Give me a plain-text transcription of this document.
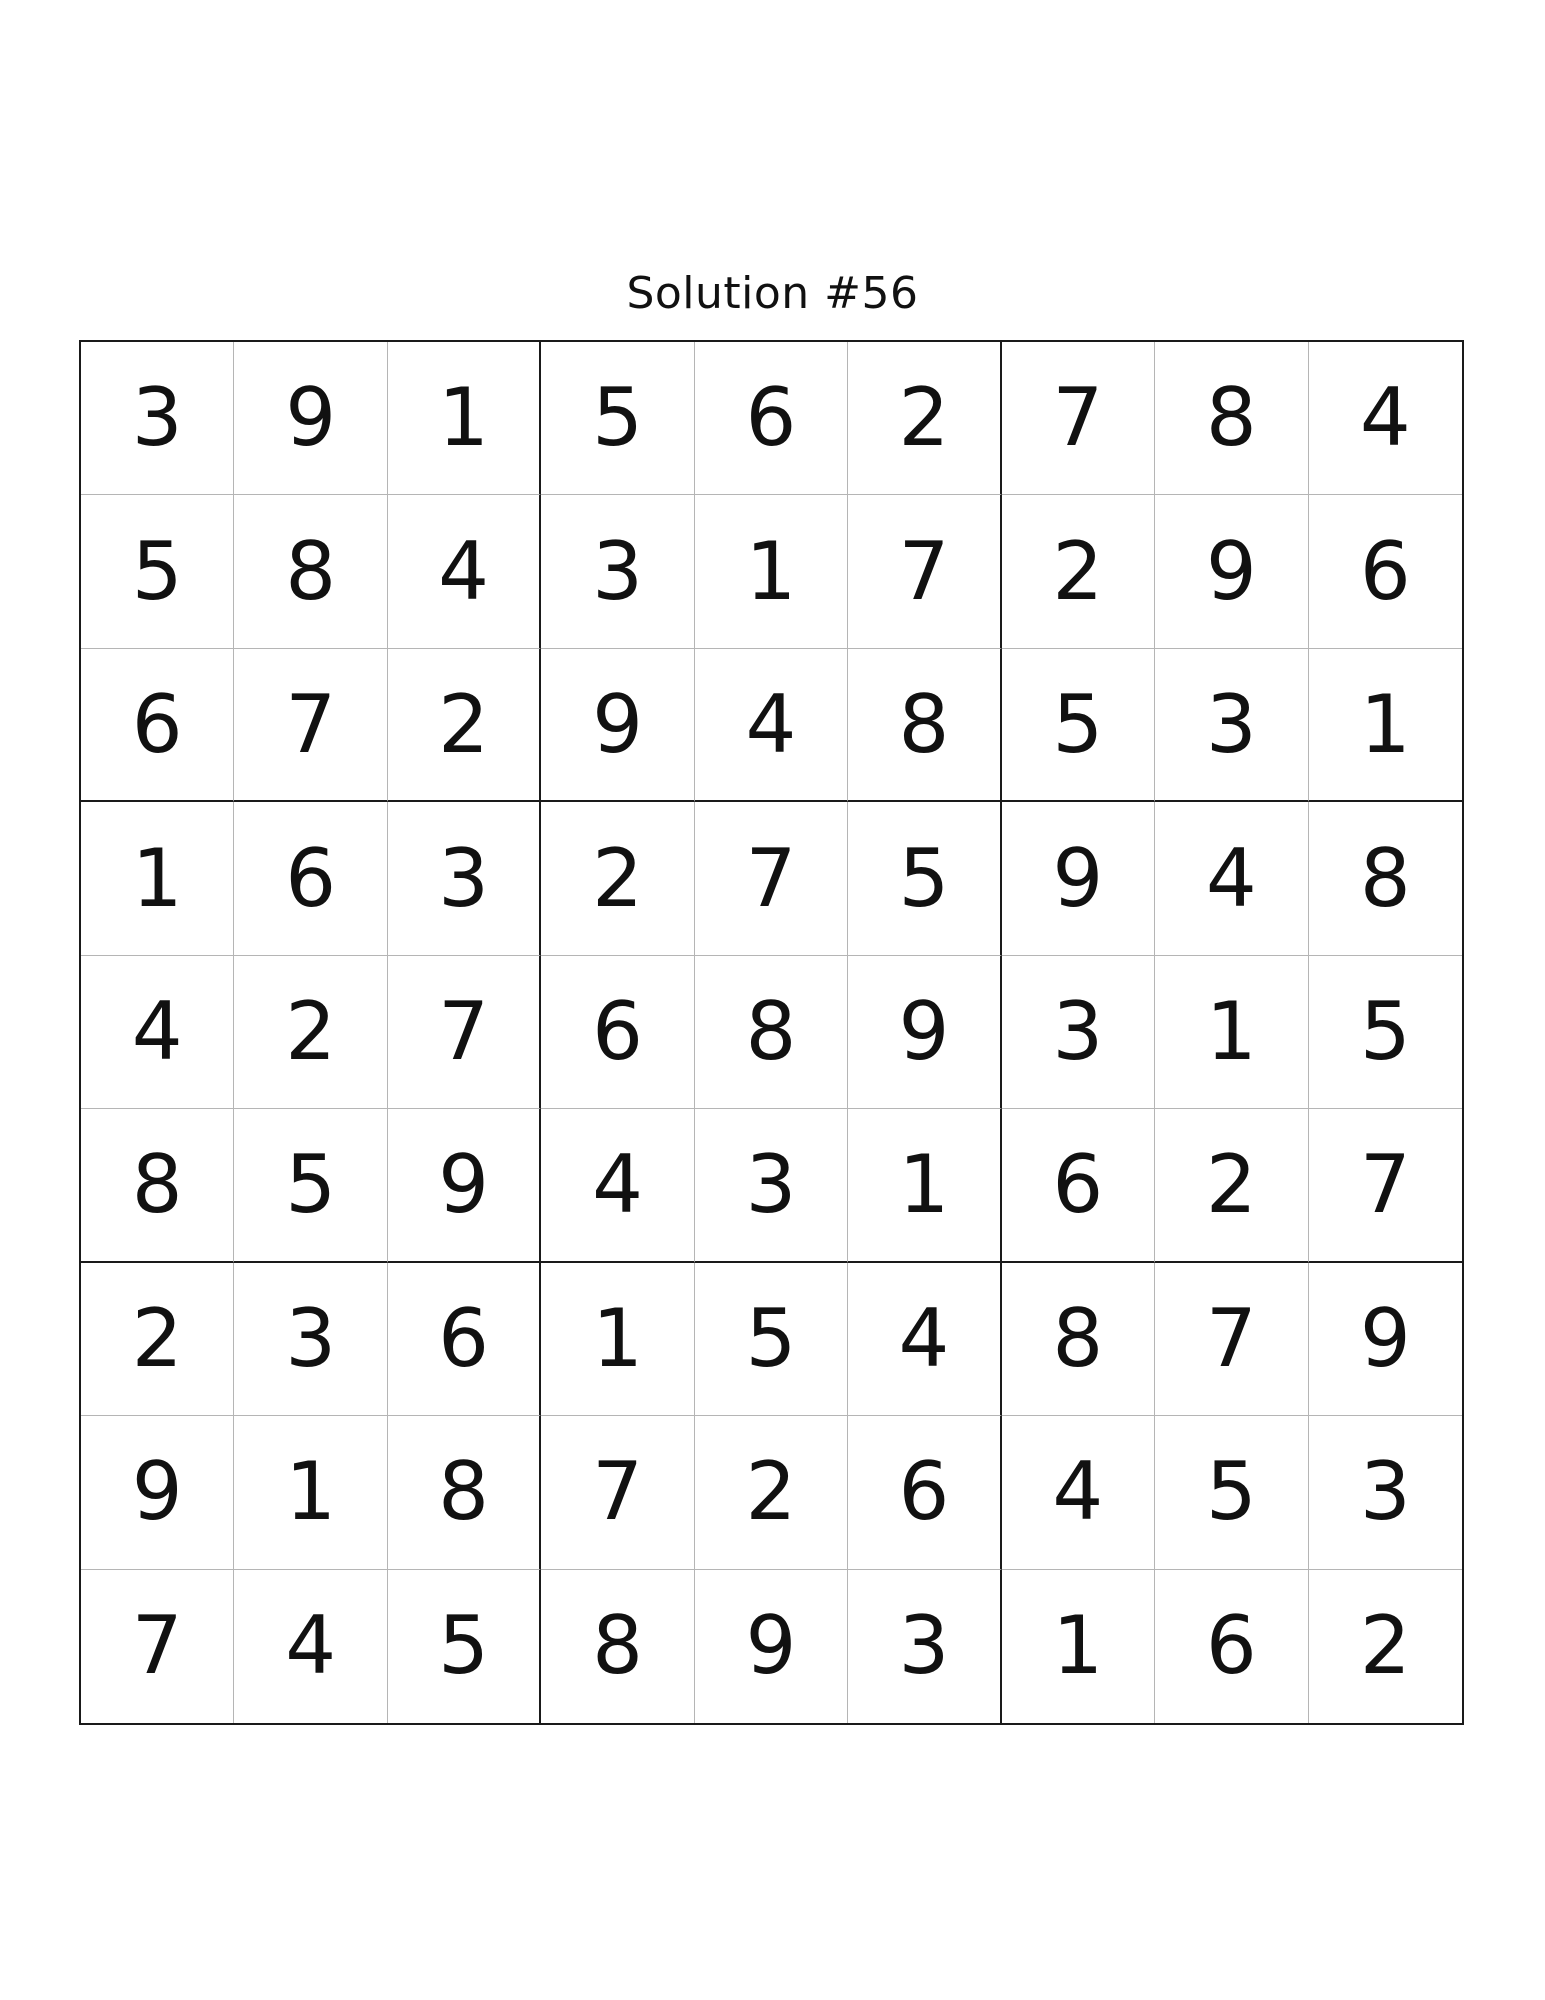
Solution #56
3	9	1	5	6	2	7	8	4
5	8	4	3	1	7	2	9	6
6	7	2	9	4	8	5	3	1
1	6	3	2	7	5	9	4	8
4	2	7	6	8	9	3	1	5
8	5	9	4	3	1	6	2	7
2	3	6	1	5	4	8	7	9
9	1	8	7	2	6	4	5	3
7	4	5	8	9	3	1	6	2
